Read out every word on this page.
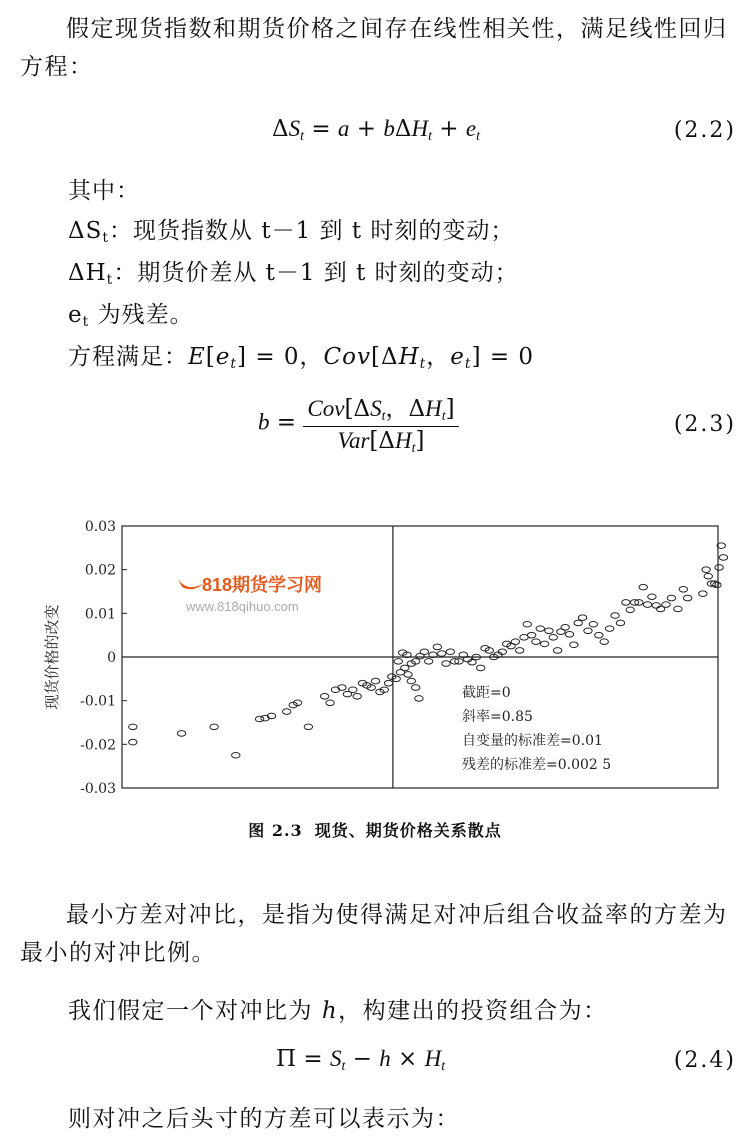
假定现货指数和期货价格之间存在线性相关性，满足线性回归方程：
$\Delta S_t = a + b\Delta H_t + e_t$	(2.2)
其中：
$\Delta S_t$：现货指数从 t－1 到 t 时刻的变动；
$\Delta H_t$：期货价差从 t－1 到 t 时刻的变动；
$e_t$ 为残差。
方程满足：$E[e_t] = 0$，$Cov[\Delta H_t$，$e_t] = 0$
$b = \frac{Cov[\Delta S_t,\Delta H_t]}{Var[\Delta H_t]}$	(2.3)
0.03
0.02
0.01
0
-0.01
-0.02
-0.03
现货价格的改变
818期货学习网
www.818qihuo.com
截距=0
斜率=0.85
自变量的标准差=0.01
残差的标准差=0.002 5
图 2.3 现货、期货价格关系散点
最小方差对冲比，是指为使得满足对冲后组合收益率的方差为最小的对冲比例。
我们假定一个对冲比为 h，构建出的投资组合为：
$\Pi = S_t - h \times H_t$	(2.4)
则对冲之后头寸的方差可以表示为：
